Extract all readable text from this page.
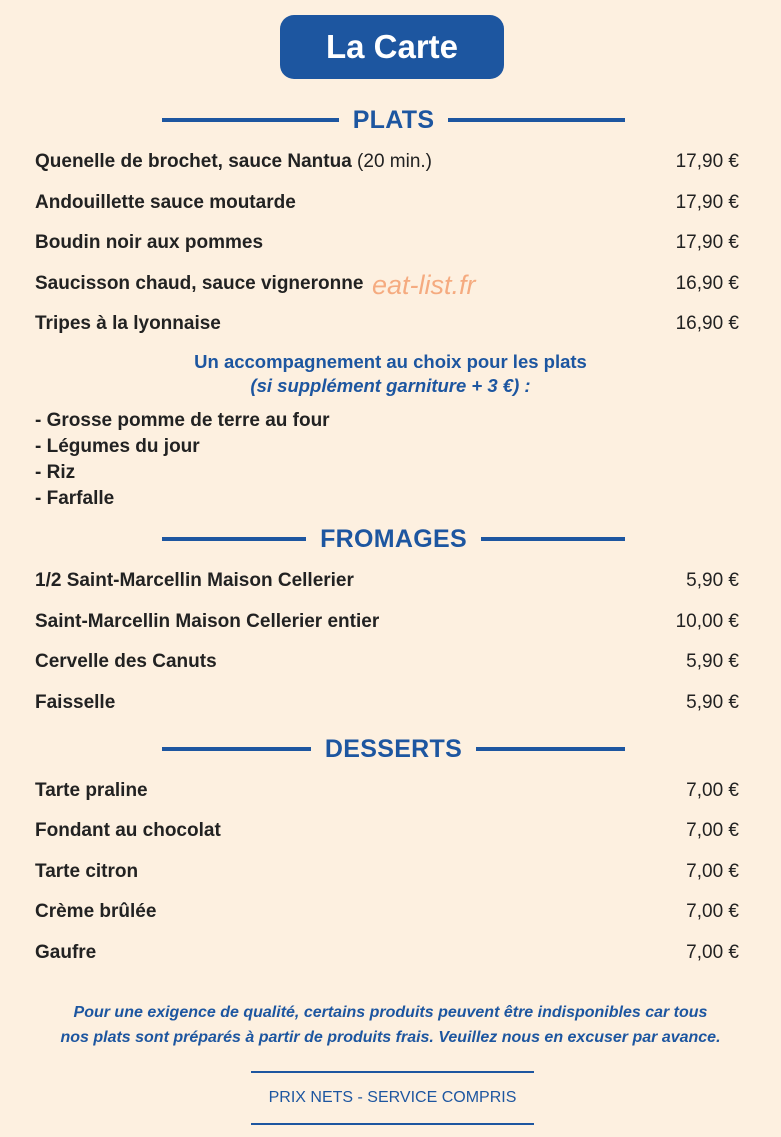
La Carte
PLATS
Quenelle de brochet, sauce Nantua (20 min.)	17,90 €
Andouillette sauce moutarde	17,90 €
Boudin noir aux pommes	17,90 €
Saucisson chaud, sauce vigneronne	16,90 €
Tripes à la lyonnaise	16,90 €
eat-list.fr
Un accompagnement au choix pour les plats
(si supplément garniture + 3 €) :
- Grosse pomme de terre au four
- Légumes du jour
- Riz
- Farfalle
FROMAGES
1/2 Saint-Marcellin Maison Cellerier	5,90 €
Saint-Marcellin Maison Cellerier entier	10,00 €
Cervelle des Canuts	5,90 €
Faisselle	5,90 €
DESSERTS
Tarte praline	7,00 €
Fondant au chocolat	7,00 €
Tarte citron	7,00 €
Crème brûlée	7,00 €
Gaufre	7,00 €
Pour une exigence de qualité, certains produits peuvent être indisponibles car tous
nos plats sont préparés à partir de produits frais. Veuillez nous en excuser par avance.
PRIX NETS - SERVICE COMPRIS
